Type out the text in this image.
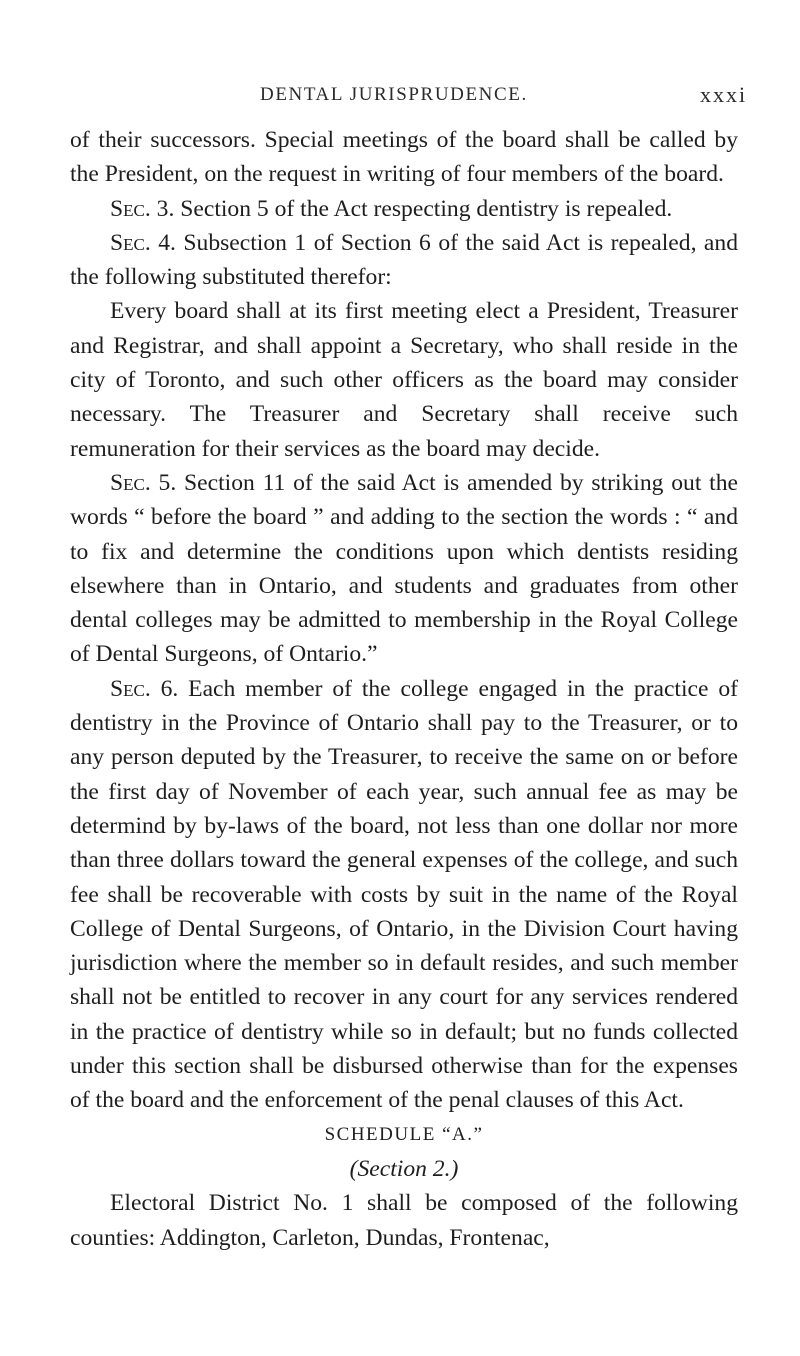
DENTAL JURISPRUDENCE.	xxxi

of their successors. Special meetings of the board shall be called by the President, on the request in writing of four members of the board.

Sec. 3. Section 5 of the Act respecting dentistry is repealed.

Sec. 4. Subsection 1 of Section 6 of the said Act is repealed, and the following substituted therefor:

Every board shall at its first meeting elect a President, Treasurer and Registrar, and shall appoint a Secretary, who shall reside in the city of Toronto, and such other officers as the board may consider necessary. The Treasurer and Secretary shall receive such remuneration for their services as the board may decide.

Sec. 5. Section 11 of the said Act is amended by striking out the words “ before the board ” and adding to the section the words : “ and to fix and determine the conditions upon which dentists residing elsewhere than in Ontario, and students and graduates from other dental colleges may be admitted to membership in the Royal College of Dental Surgeons, of Ontario.”

Sec. 6. Each member of the college engaged in the practice of dentistry in the Province of Ontario shall pay to the Treasurer, or to any person deputed by the Treasurer, to receive the same on or before the first day of November of each year, such annual fee as may be determind by by-laws of the board, not less than one dollar nor more than three dollars toward the general expenses of the college, and such fee shall be recoverable with costs by suit in the name of the Royal College of Dental Surgeons, of Ontario, in the Division Court having jurisdiction where the member so in default resides, and such member shall not be entitled to recover in any court for any services rendered in the practice of dentistry while so in default; but no funds collected under this section shall be disbursed otherwise than for the expenses of the board and the enforcement of the penal clauses of this Act.

SCHEDULE “A.”

(Section 2.)

Electoral District No. 1 shall be composed of the following counties: Addington, Carleton, Dundas, Frontenac,
